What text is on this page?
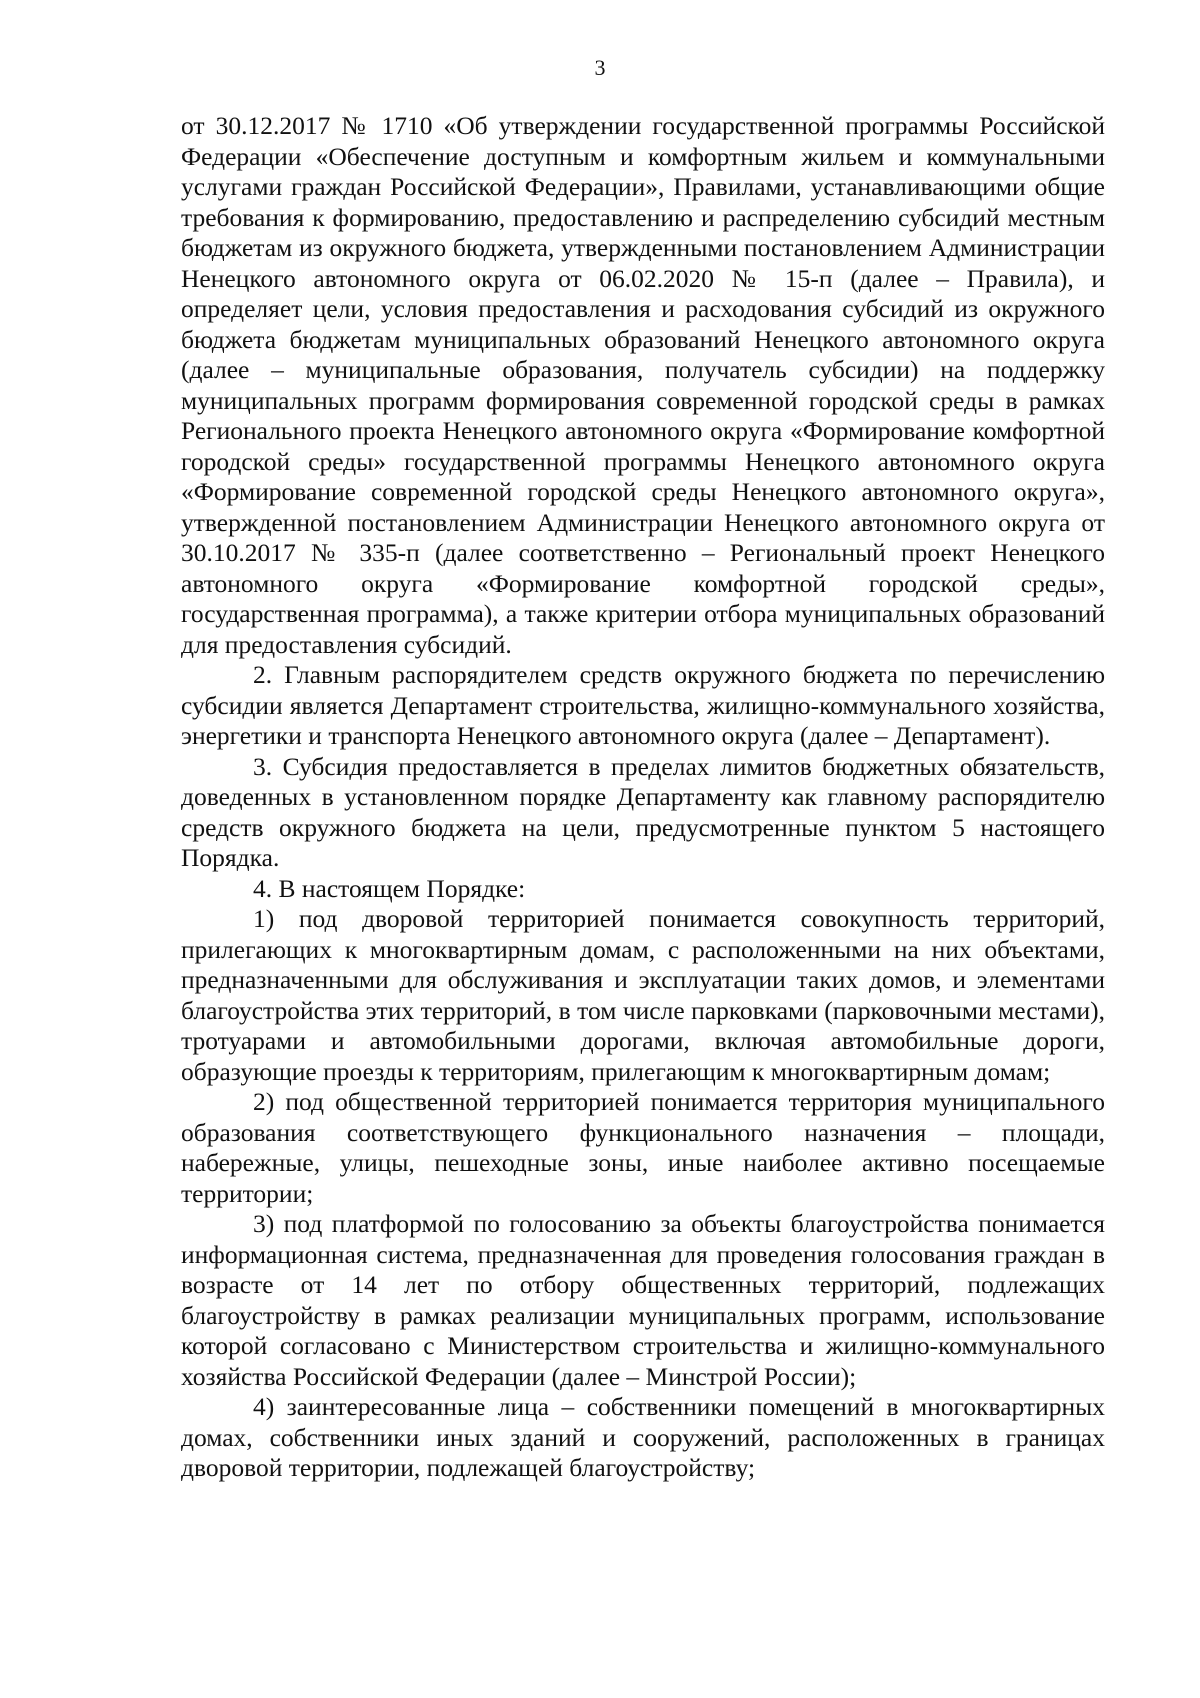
3

от 30.12.2017 № 1710 «Об утверждении государственной программы Российской Федерации «Обеспечение доступным и комфортным жильем и коммунальными услугами граждан Российской Федерации», Правилами, устанавливающими общие требования к формированию, предоставлению и распределению субсидий местным бюджетам из окружного бюджета, утвержденными постановлением Администрации Ненецкого автономного округа от 06.02.2020 № 15-п (далее – Правила), и определяет цели, условия предоставления и расходования субсидий из окружного бюджета бюджетам муниципальных образований Ненецкого автономного округа (далее – муниципальные образования, получатель субсидии) на поддержку муниципальных программ формирования современной городской среды в рамках Регионального проекта Ненецкого автономного округа «Формирование комфортной городской среды» государственной программы Ненецкого автономного округа «Формирование современной городской среды Ненецкого автономного округа», утвержденной постановлением Администрации Ненецкого автономного округа от 30.10.2017 № 335-п (далее соответственно – Региональный проект Ненецкого автономного округа «Формирование комфортной городской среды», государственная программа), а также критерии отбора муниципальных образований для предоставления субсидий.

2. Главным распорядителем средств окружного бюджета по перечислению субсидии является Департамент строительства, жилищно-коммунального хозяйства, энергетики и транспорта Ненецкого автономного округа (далее – Департамент).

3. Субсидия предоставляется в пределах лимитов бюджетных обязательств, доведенных в установленном порядке Департаменту как главному распорядителю средств окружного бюджета на цели, предусмотренные пунктом 5 настоящего Порядка.

4. В настоящем Порядке:

1) под дворовой территорией понимается совокупность территорий, прилегающих к многоквартирным домам, с расположенными на них объектами, предназначенными для обслуживания и эксплуатации таких домов, и элементами благоустройства этих территорий, в том числе парковками (парковочными местами), тротуарами и автомобильными дорогами, включая автомобильные дороги, образующие проезды к территориям, прилегающим к многоквартирным домам;

2) под общественной территорией понимается территория муниципального образования соответствующего функционального назначения – площади, набережные, улицы, пешеходные зоны, иные наиболее активно посещаемые территории;

3) под платформой по голосованию за объекты благоустройства понимается информационная система, предназначенная для проведения голосования граждан в возрасте от 14 лет по отбору общественных территорий, подлежащих благоустройству в рамках реализации муниципальных программ, использование которой согласовано с Министерством строительства и жилищно-коммунального хозяйства Российской Федерации (далее – Минстрой России);

4) заинтересованные лица – собственники помещений в многоквартирных домах, собственники иных зданий и сооружений, расположенных в границах дворовой территории, подлежащей благоустройству;
